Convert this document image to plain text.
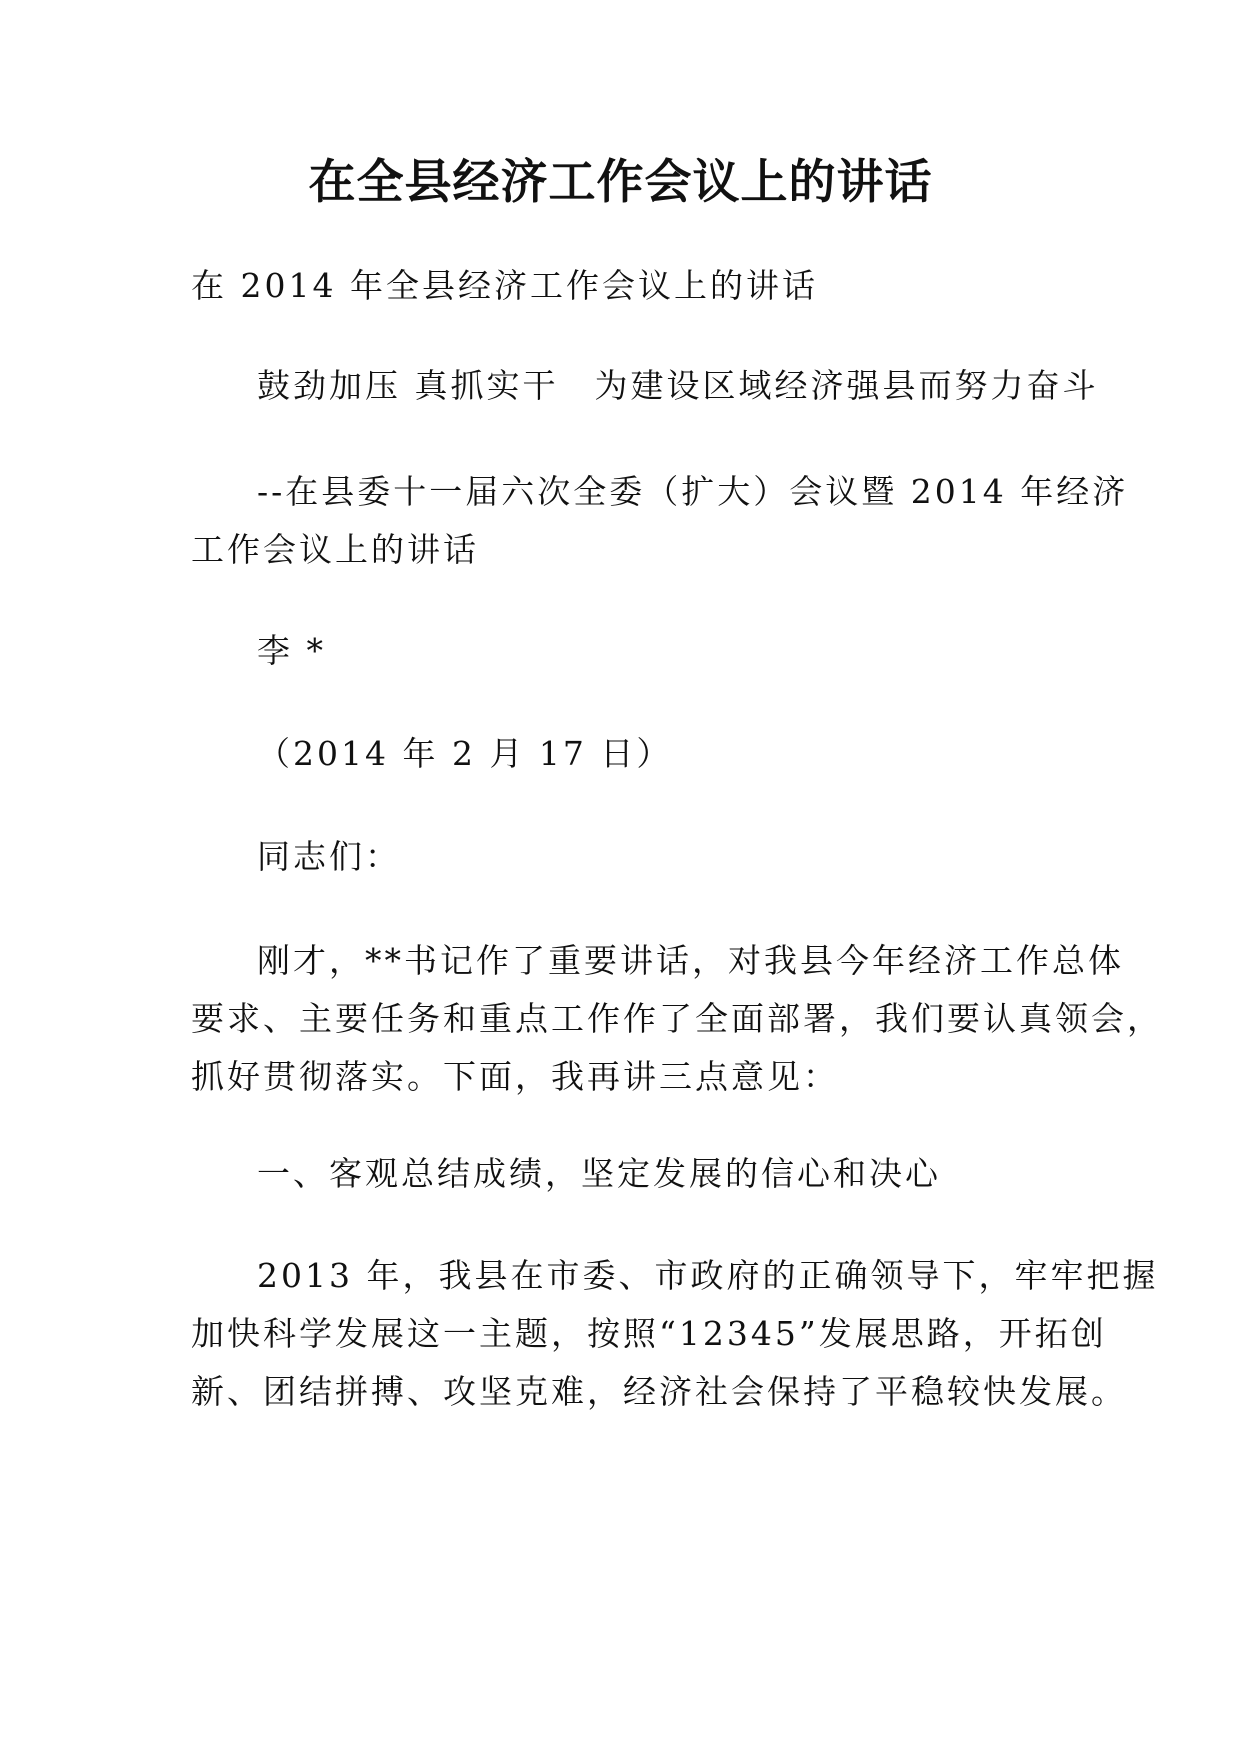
在全县经济工作会议上的讲话
在 2014 年全县经济工作会议上的讲话
鼓劲加压 真抓实干　为建设区域经济强县而努力奋斗
--在县委十一届六次全委（扩大）会议暨 2014 年经济
工作会议上的讲话
李 *
（2014 年 2 月 17 日）
同志们：
刚才，**书记作了重要讲话，对我县今年经济工作总体
要求、主要任务和重点工作作了全面部署，我们要认真领会，
抓好贯彻落实。下面，我再讲三点意见：
一、客观总结成绩，坚定发展的信心和决心
2013 年，我县在市委、市政府的正确领导下，牢牢把握
加快科学发展这一主题，按照“12345”发展思路，开拓创
新、团结拼搏、攻坚克难，经济社会保持了平稳较快发展。
